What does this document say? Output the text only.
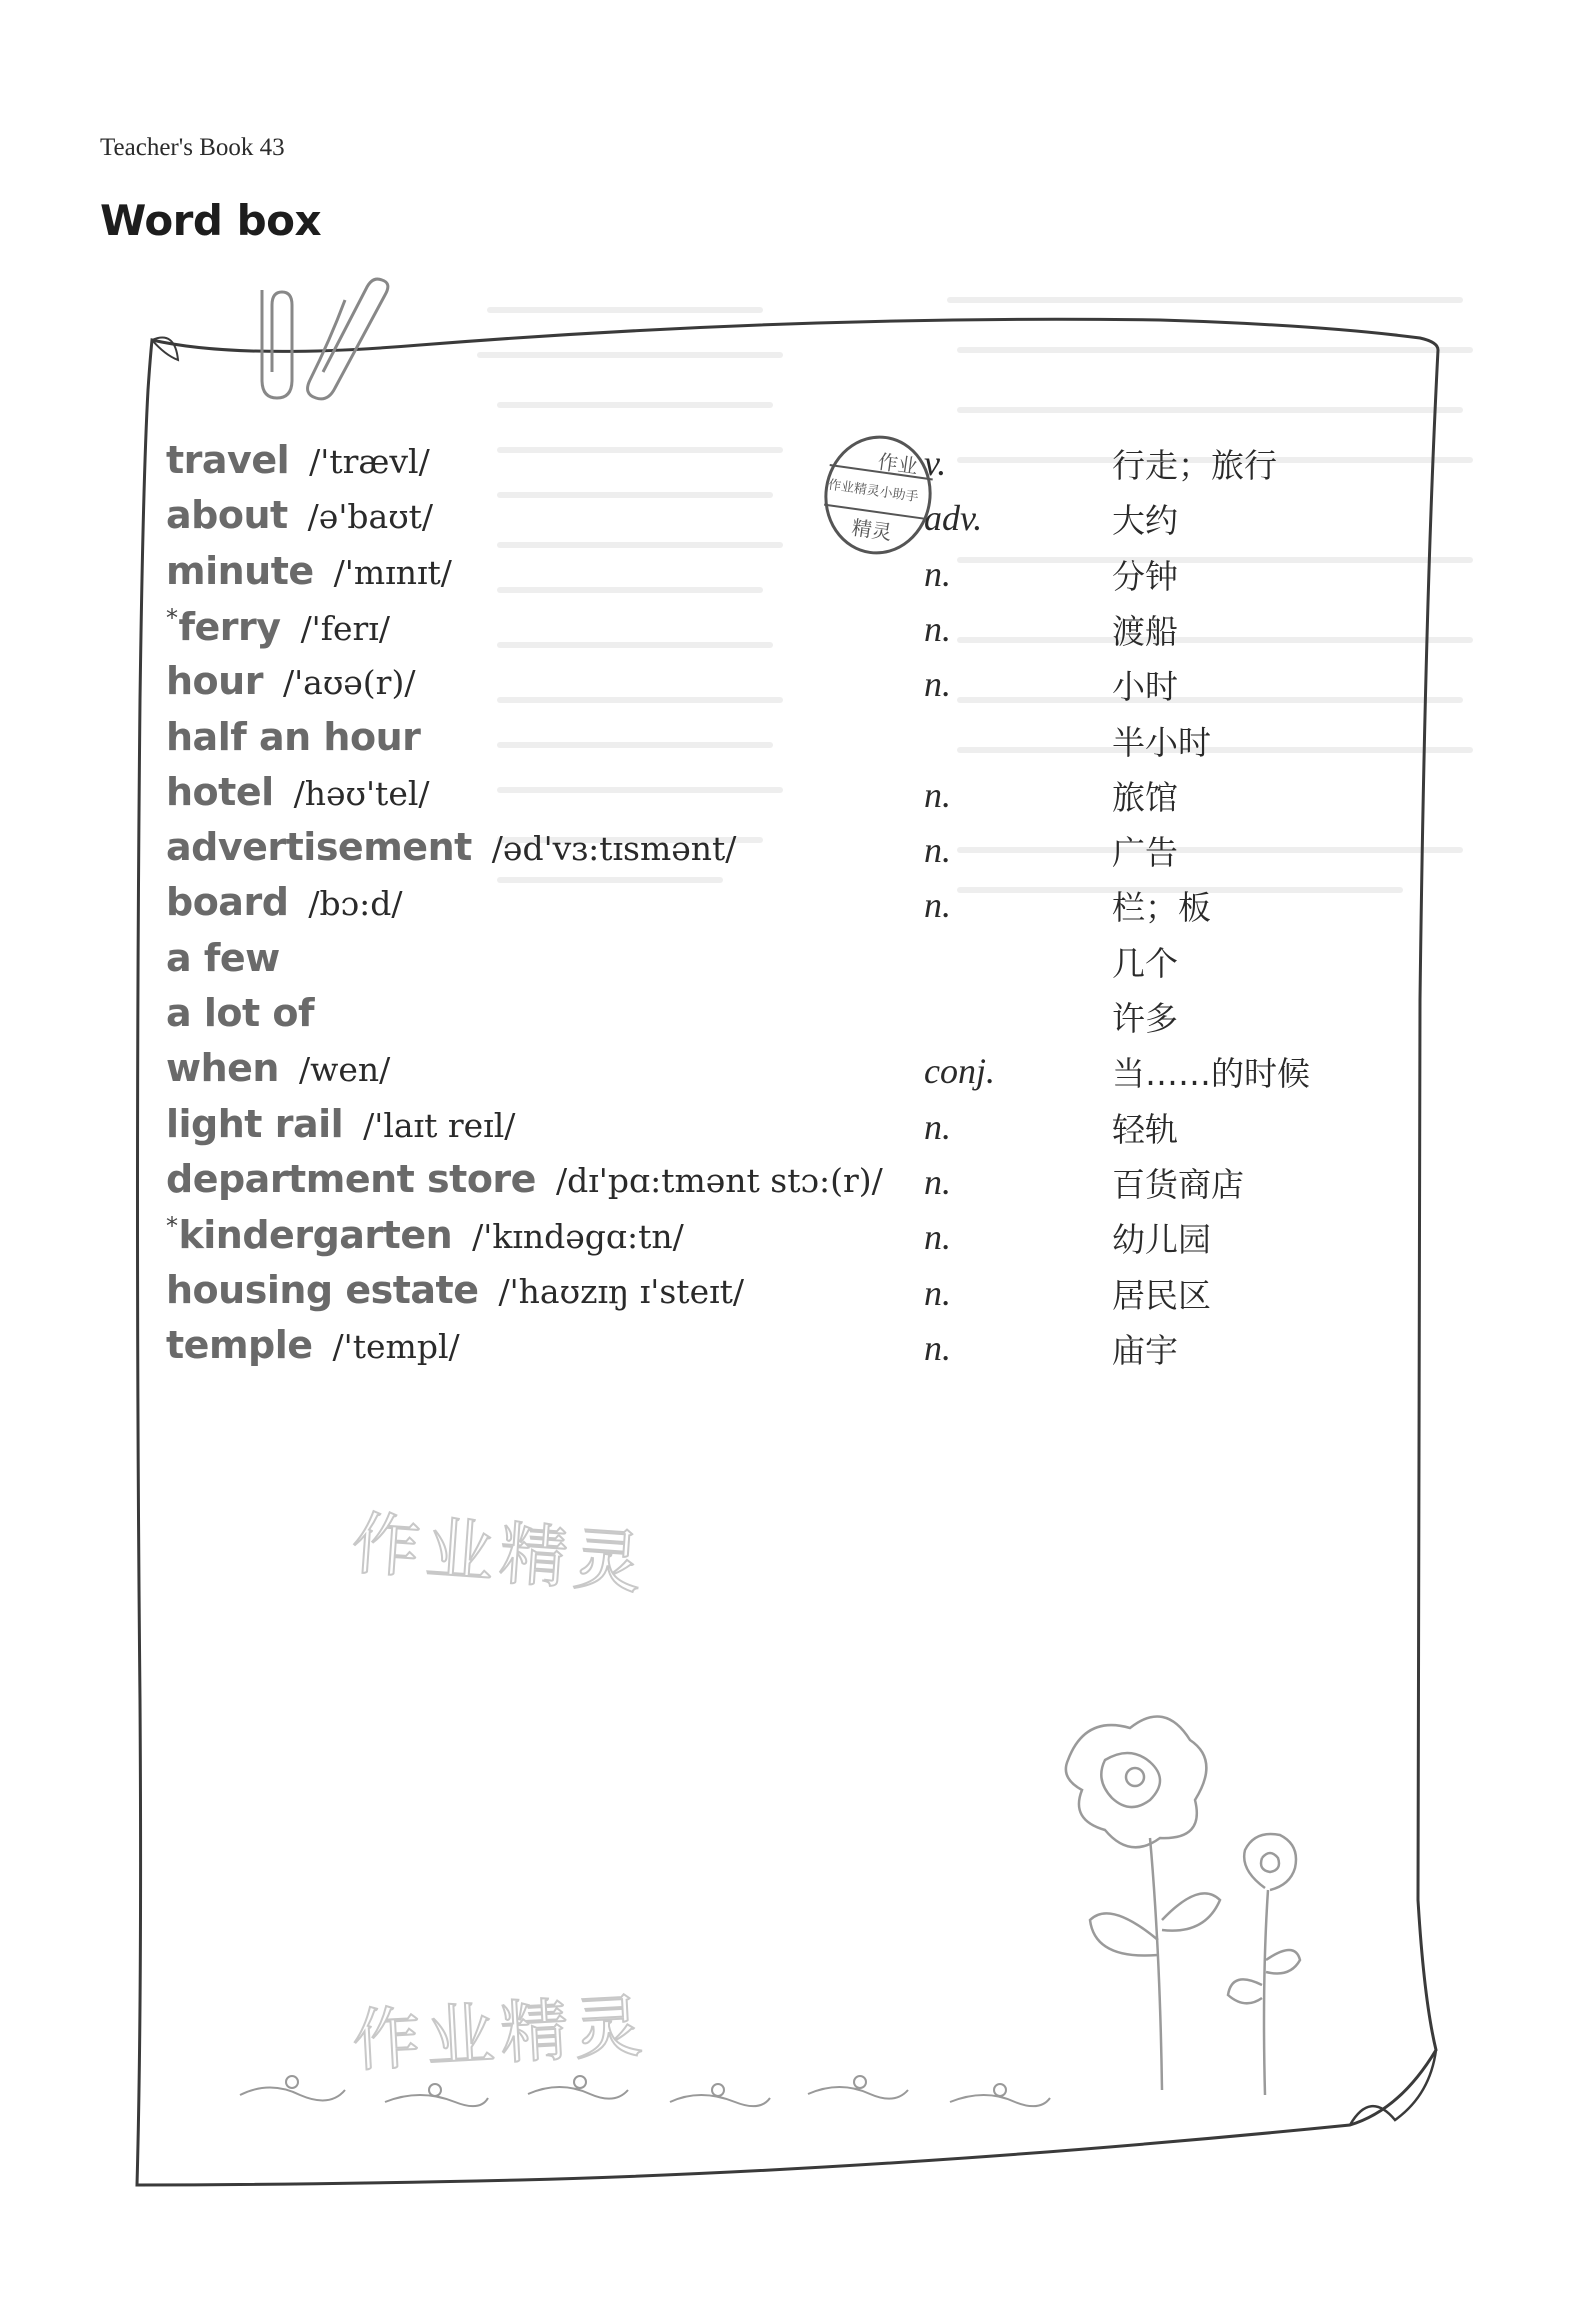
Teacher's Book 43
Word box
作业
作业精灵小助手
精灵
作业精灵
作业精灵
travel /'trævl/	v.	行走；旅行
about /ə'baʊt/	adv.	大约
minute /'mɪnɪt/	n.	分钟
*ferry /'ferɪ/	n.	渡船
hour /'aʊə(r)/	n.	小时
half an hour	半小时
hotel /həʊ'tel/	n.	旅馆
advertisement /əd'vɜ:tɪsmənt/	n.	广告
board /bɔ:d/	n.	栏；板
a few	几个
a lot of	许多
when /wen/	conj.	当……的时候
light rail /'laɪt reɪl/	n.	轻轨
department store /dɪ'pɑ:tmənt stɔ:(r)/ n.	百货商店
*kindergarten /'kɪndəgɑ:tn/	n.	幼儿园
housing estate /'haʊzɪŋ ɪ'steɪt/	n.	居民区
temple /'templ/	n.	庙宇
